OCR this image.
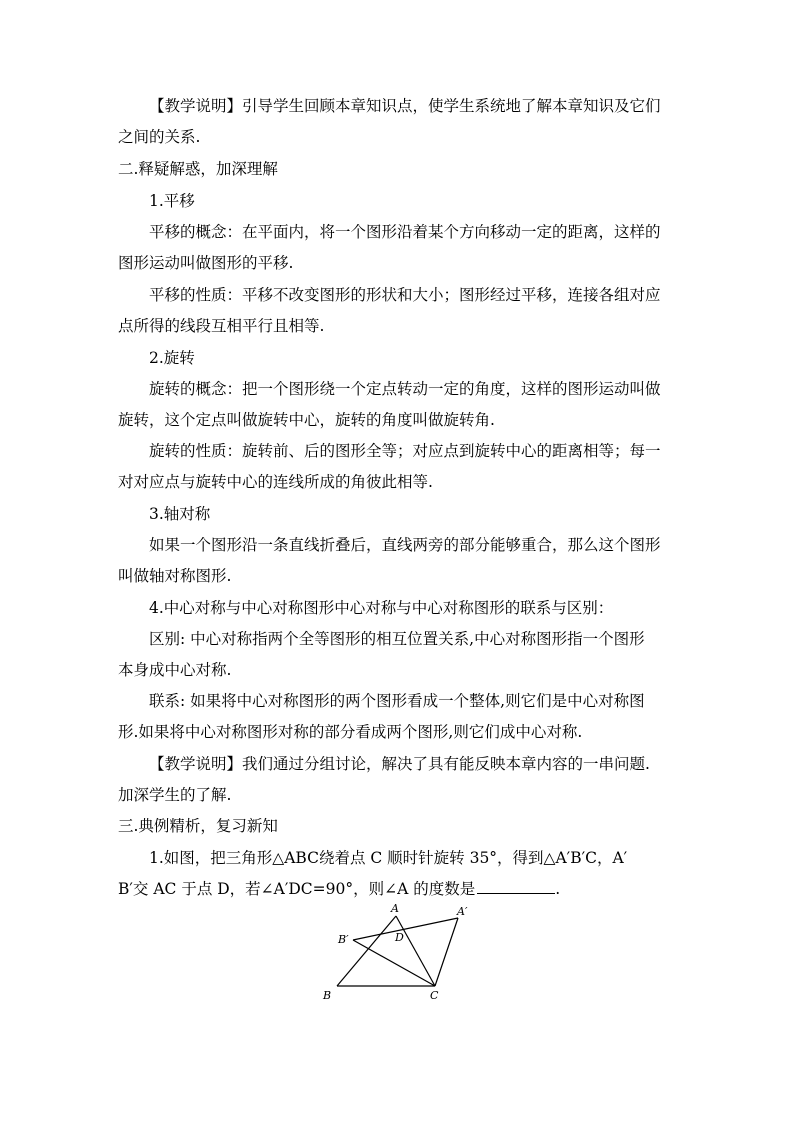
【教学说明】引导学生回顾本章知识点，使学生系统地了解本章知识及它们
之间的关系.
二.释疑解惑，加深理解
1.平移
平移的概念：在平面内，将一个图形沿着某个方向移动一定的距离，这样的
图形运动叫做图形的平移.
平移的性质：平移不改变图形的形状和大小；图形经过平移，连接各组对应
点所得的线段互相平行且相等.
2.旋转
旋转的概念：把一个图形绕一个定点转动一定的角度，这样的图形运动叫做
旋转，这个定点叫做旋转中心，旋转的角度叫做旋转角.
旋转的性质：旋转前、后的图形全等；对应点到旋转中心的距离相等；每一
对对应点与旋转中心的连线所成的角彼此相等.
3.轴对称
如果一个图形沿一条直线折叠后，直线两旁的部分能够重合，那么这个图形
叫做轴对称图形.
4.中心对称与中心对称图形中心对称与中心对称图形的联系与区别：
区别: 中心对称指两个全等图形的相互位置关系,中心对称图形指一个图形
本身成中心对称.
联系: 如果将中心对称图形的两个图形看成一个整体,则它们是中心对称图
形.如果将中心对称图形对称的部分看成两个图形,则它们成中心对称.
【教学说明】我们通过分组讨论，解决了具有能反映本章内容的一串问题.
加深学生的了解.
三.典例精析，复习新知
1.如图，把三角形△ABC绕着点 C 顺时针旋转 35°，得到△A′B′C，A′
B′交 AC 于点 D，若∠A′DC=90°，则∠A 的度数是	.
A	A′
B′	D
B	C
